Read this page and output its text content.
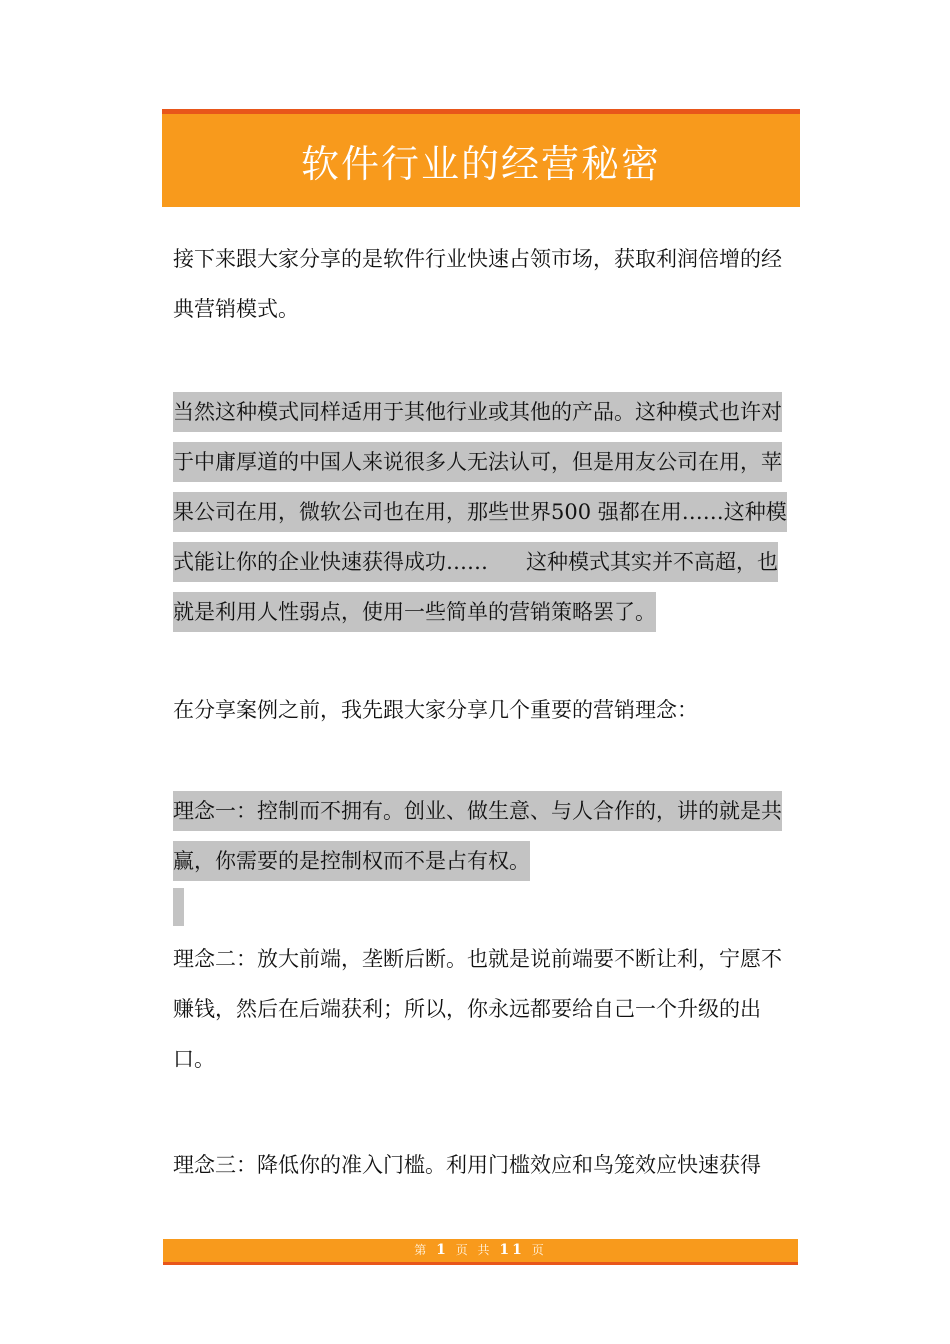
软件行业的经营秘密

接下来跟大家分享的是软件行业快速占领市场，获取利润倍增的经典营销模式。

当然这种模式同样适用于其他行业或其他的产品。这种模式也许对于中庸厚道的中国人来说很多人无法认可，但是用友公司在用，苹果公司在用，微软公司也在用，那些世界500 强都在用……这种模式能让你的企业快速获得成功…… 这种模式其实并不高超，也就是利用人性弱点，使用一些简单的营销策略罢了。

在分享案例之前，我先跟大家分享几个重要的营销理念：

理念一：控制而不拥有。创业、做生意、与人合作的，讲的就是共赢，你需要的是控制权而不是占有权。

理念二：放大前端，垄断后断。也就是说前端要不断让利，宁愿不赚钱，然后在后端获利；所以，你永远都要给自己一个升级的出口。

理念三：降低你的准入门槛。利用门槛效应和鸟笼效应快速获得

第 1 页 共 11 页
